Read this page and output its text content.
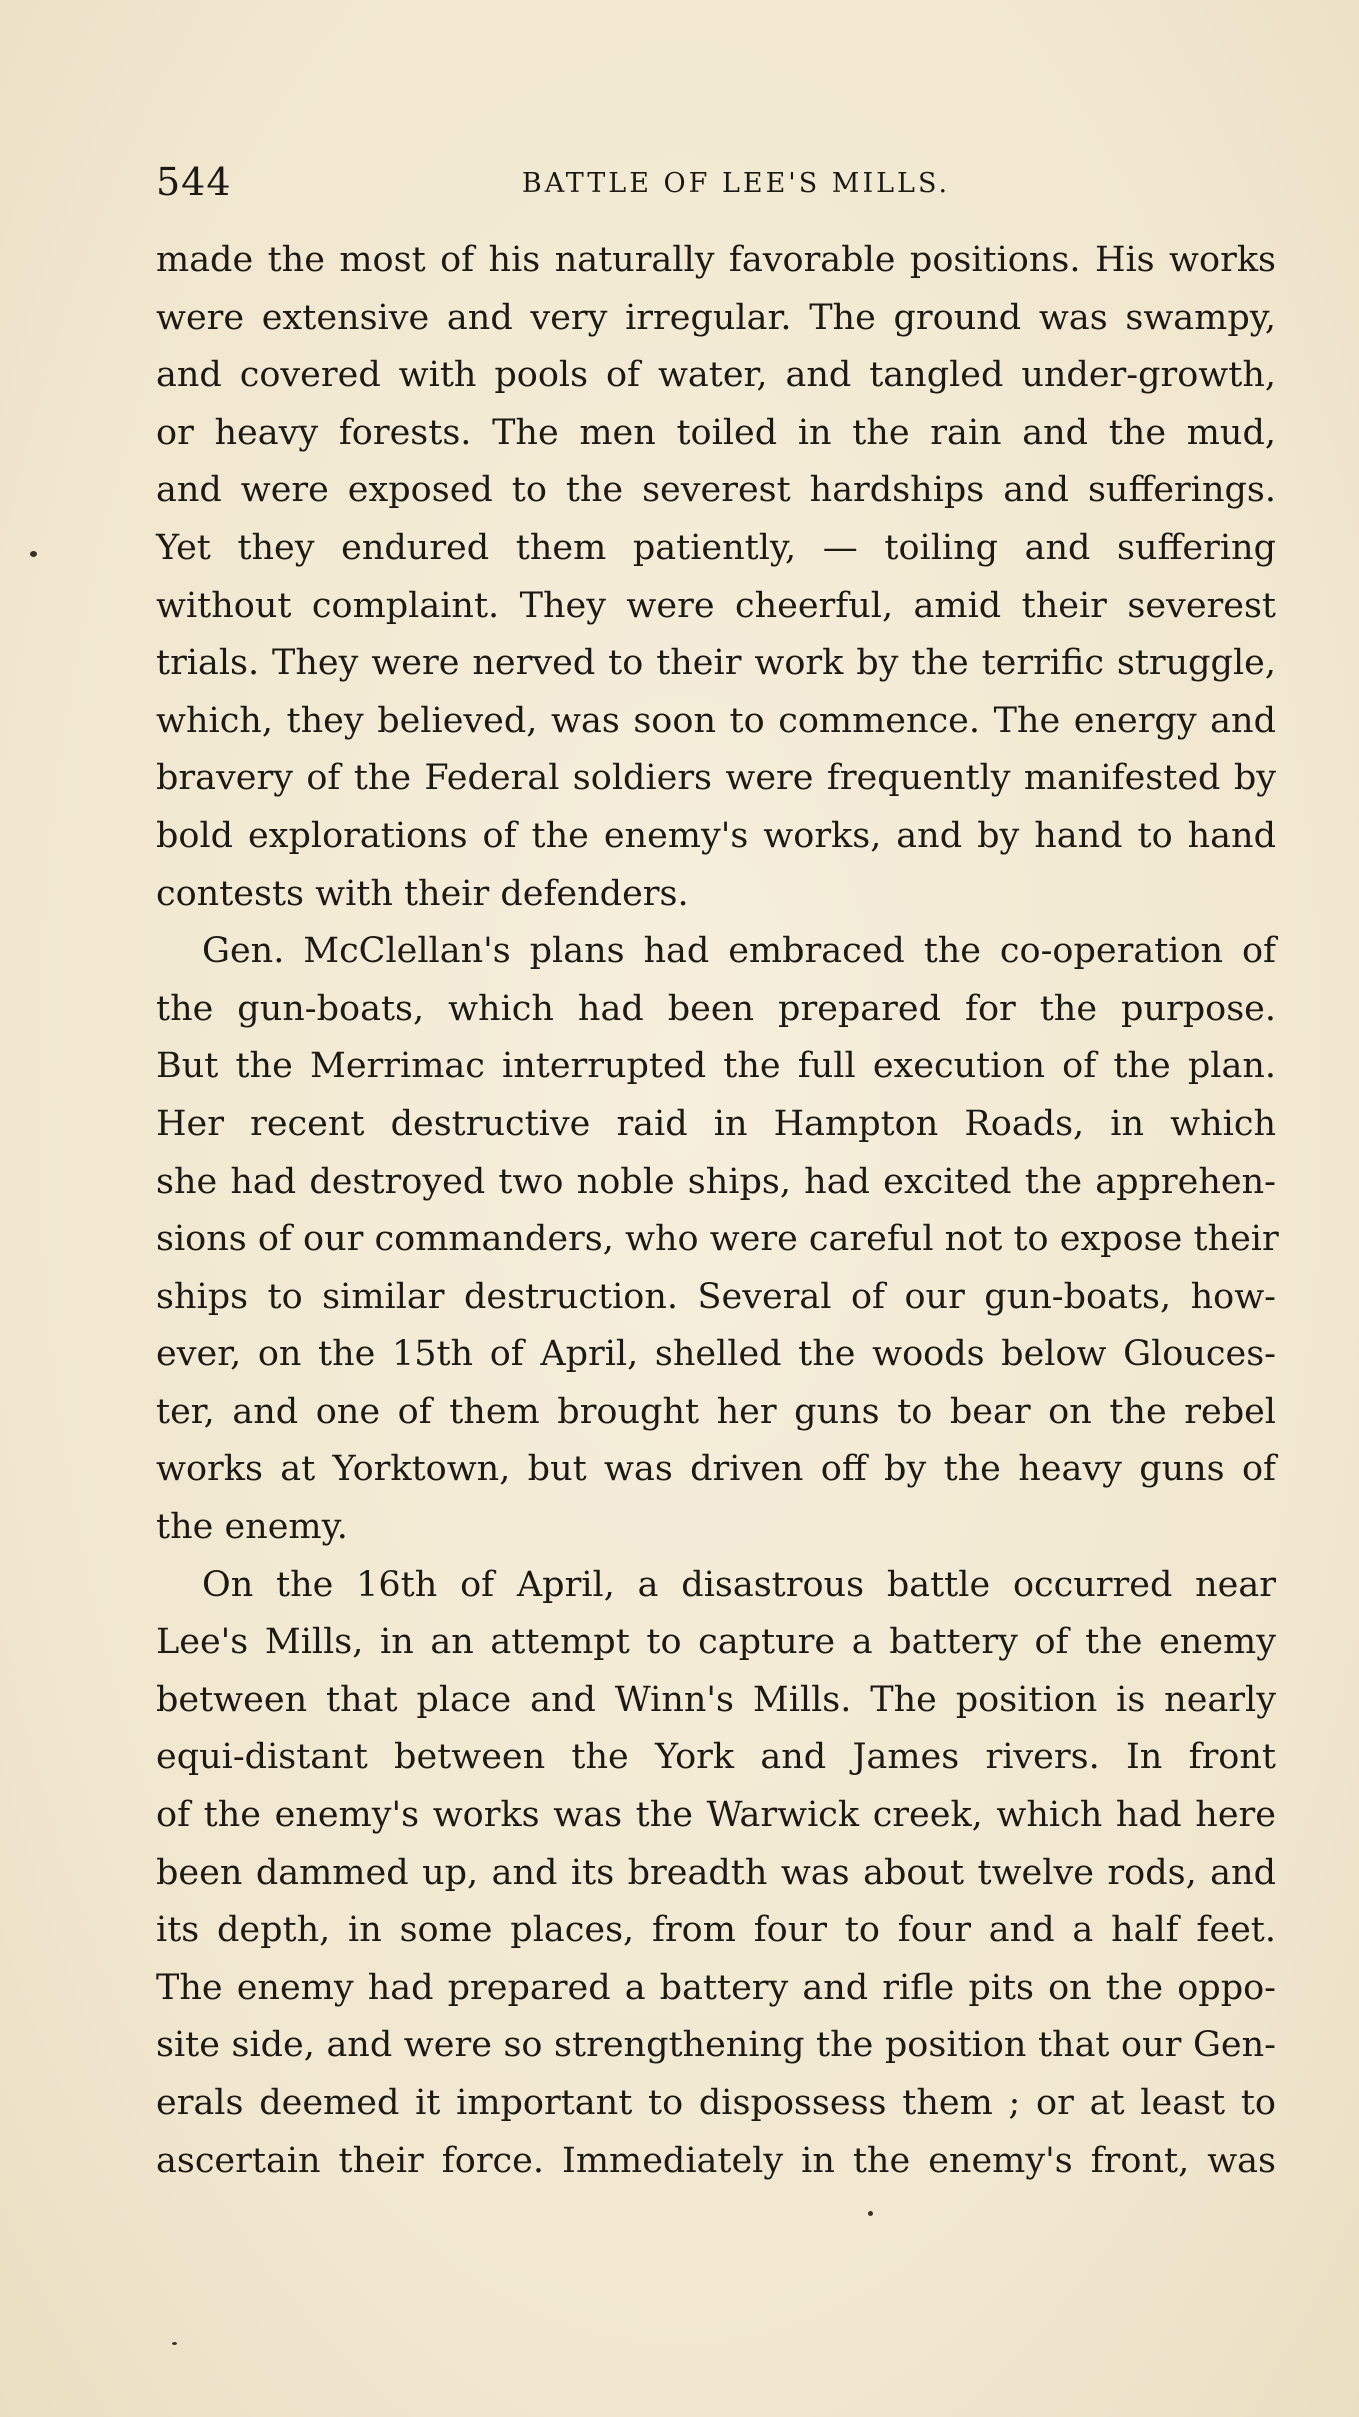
544	BATTLE OF LEE'S MILLS.
made the most of his naturally favorable positions. His works
were extensive and very irregular. The ground was swampy,
and covered with pools of water, and tangled under-growth,
or heavy forests. The men toiled in the rain and the mud,
and were exposed to the severest hardships and sufferings.
Yet they endured them patiently, — toiling and suffering
without complaint. They were cheerful, amid their severest
trials. They were nerved to their work by the terrific struggle,
which, they believed, was soon to commence. The energy and
bravery of the Federal soldiers were frequently manifested by
bold explorations of the enemy's works, and by hand to hand
contests with their defenders.
Gen. McClellan's plans had embraced the co-operation of
the gun-boats, which had been prepared for the purpose.
But the Merrimac interrupted the full execution of the plan.
Her recent destructive raid in Hampton Roads, in which
she had destroyed two noble ships, had excited the apprehen-
sions of our commanders, who were careful not to expose their
ships to similar destruction. Several of our gun-boats, how-
ever, on the 15th of April, shelled the woods below Glouces-
ter, and one of them brought her guns to bear on the rebel
works at Yorktown, but was driven off by the heavy guns of
the enemy.
On the 16th of April, a disastrous battle occurred near
Lee's Mills, in an attempt to capture a battery of the enemy
between that place and Winn's Mills. The position is nearly
equi-distant between the York and James rivers. In front
of the enemy's works was the Warwick creek, which had here
been dammed up, and its breadth was about twelve rods, and
its depth, in some places, from four to four and a half feet.
The enemy had prepared a battery and rifle pits on the oppo-
site side, and were so strengthening the position that our Gen-
erals deemed it important to dispossess them ; or at least to
ascertain their force. Immediately in the enemy's front, was
